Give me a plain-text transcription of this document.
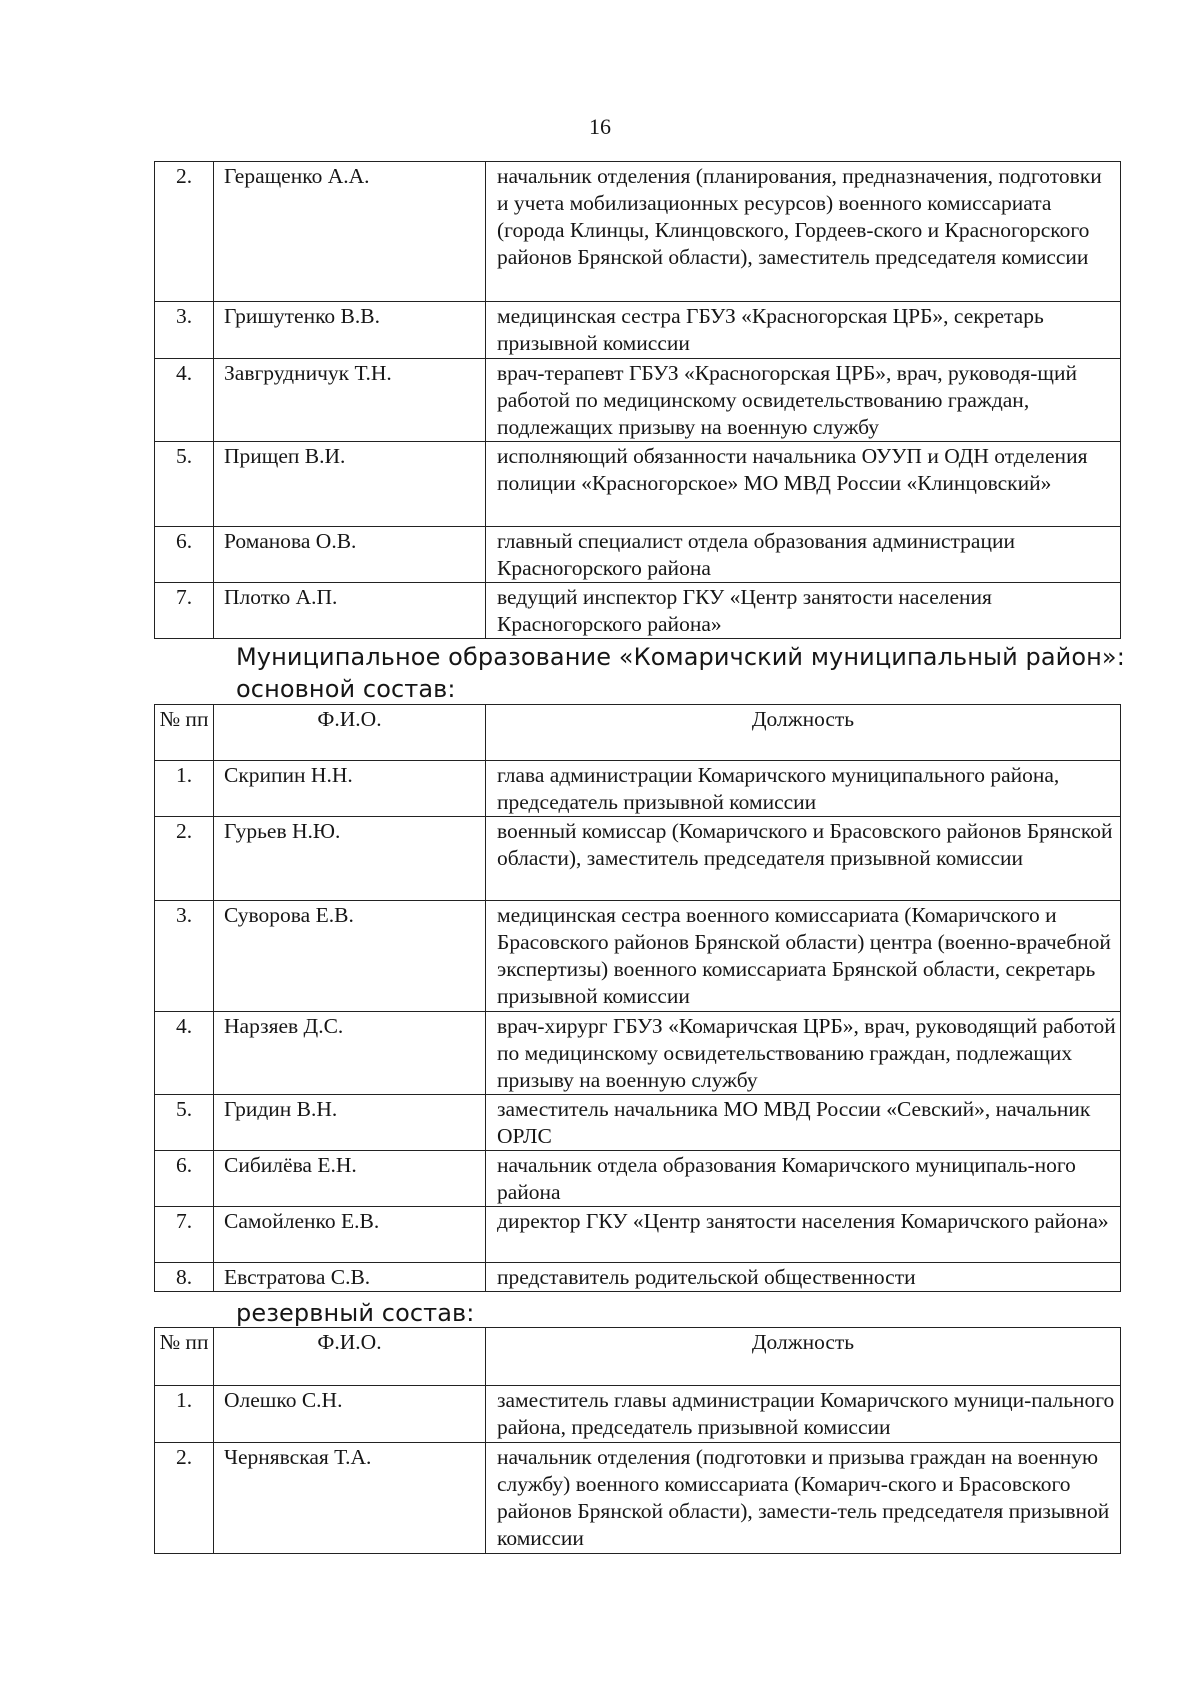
16
2.	Геращенко А.А.	начальник отделения (планирования, предназначения, подготовки и учета мобилизационных ресурсов) военного комиссариата (города Клинцы, Клинцовского, Гордеев-ского и Красногорского районов Брянской области), заместитель председателя комиссии
3.	Гришутенко В.В.	медицинская сестра ГБУЗ «Красногорская ЦРБ», секретарь призывной комиссии
4.	Завгрудничук Т.Н.	врач-терапевт ГБУЗ «Красногорская ЦРБ», врач, руководя-щий работой по медицинскому освидетельствованию граждан, подлежащих призыву на военную службу
5.	Прищеп В.И.	исполняющий обязанности начальника ОУУП и ОДН отделения полиции «Красногорское» МО МВД России «Клинцовский»
6.	Романова О.В.	главный специалист отдела образования администрации Красногорского района
7.	Плотко А.П.	ведущий инспектор ГКУ «Центр занятости населения Красногорского района»
Муниципальное образование «Комаричский муниципальный район»:
основной состав:
№ пп	Ф.И.О.	Должность
1.	Скрипин Н.Н.	глава администрации Комаричского муниципального района, председатель призывной комиссии
2.	Гурьев Н.Ю.	военный комиссар (Комаричского и Брасовского районов Брянской области), заместитель председателя призывной комиссии
3.	Суворова Е.В.	медицинская сестра военного комиссариата (Комаричского и Брасовского районов Брянской области) центра (военно-врачебной экспертизы) военного комиссариата Брянской области, секретарь призывной комиссии
4.	Нарзяев Д.С.	врач-хирург ГБУЗ «Комаричская ЦРБ», врач, руководящий работой по медицинскому освидетельствованию граждан, подлежащих призыву на военную службу
5.	Гридин В.Н.	заместитель начальника МО МВД России «Севский», начальник ОРЛС
6.	Сибилёва Е.Н.	начальник отдела образования Комаричского муниципаль-ного района
7.	Самойленко Е.В.	директор ГКУ «Центр занятости населения Комаричского района»
8.	Евстратова С.В.	представитель родительской общественности
резервный состав:
№ пп	Ф.И.О.	Должность
1.	Олешко С.Н.	заместитель главы администрации Комаричского муници-пального района, председатель призывной комиссии
2.	Чернявская Т.А.	начальник отделения (подготовки и призыва граждан на военную службу) военного комиссариата (Комарич-ского и Брасовского районов Брянской области), замести-тель председателя призывной комиссии
